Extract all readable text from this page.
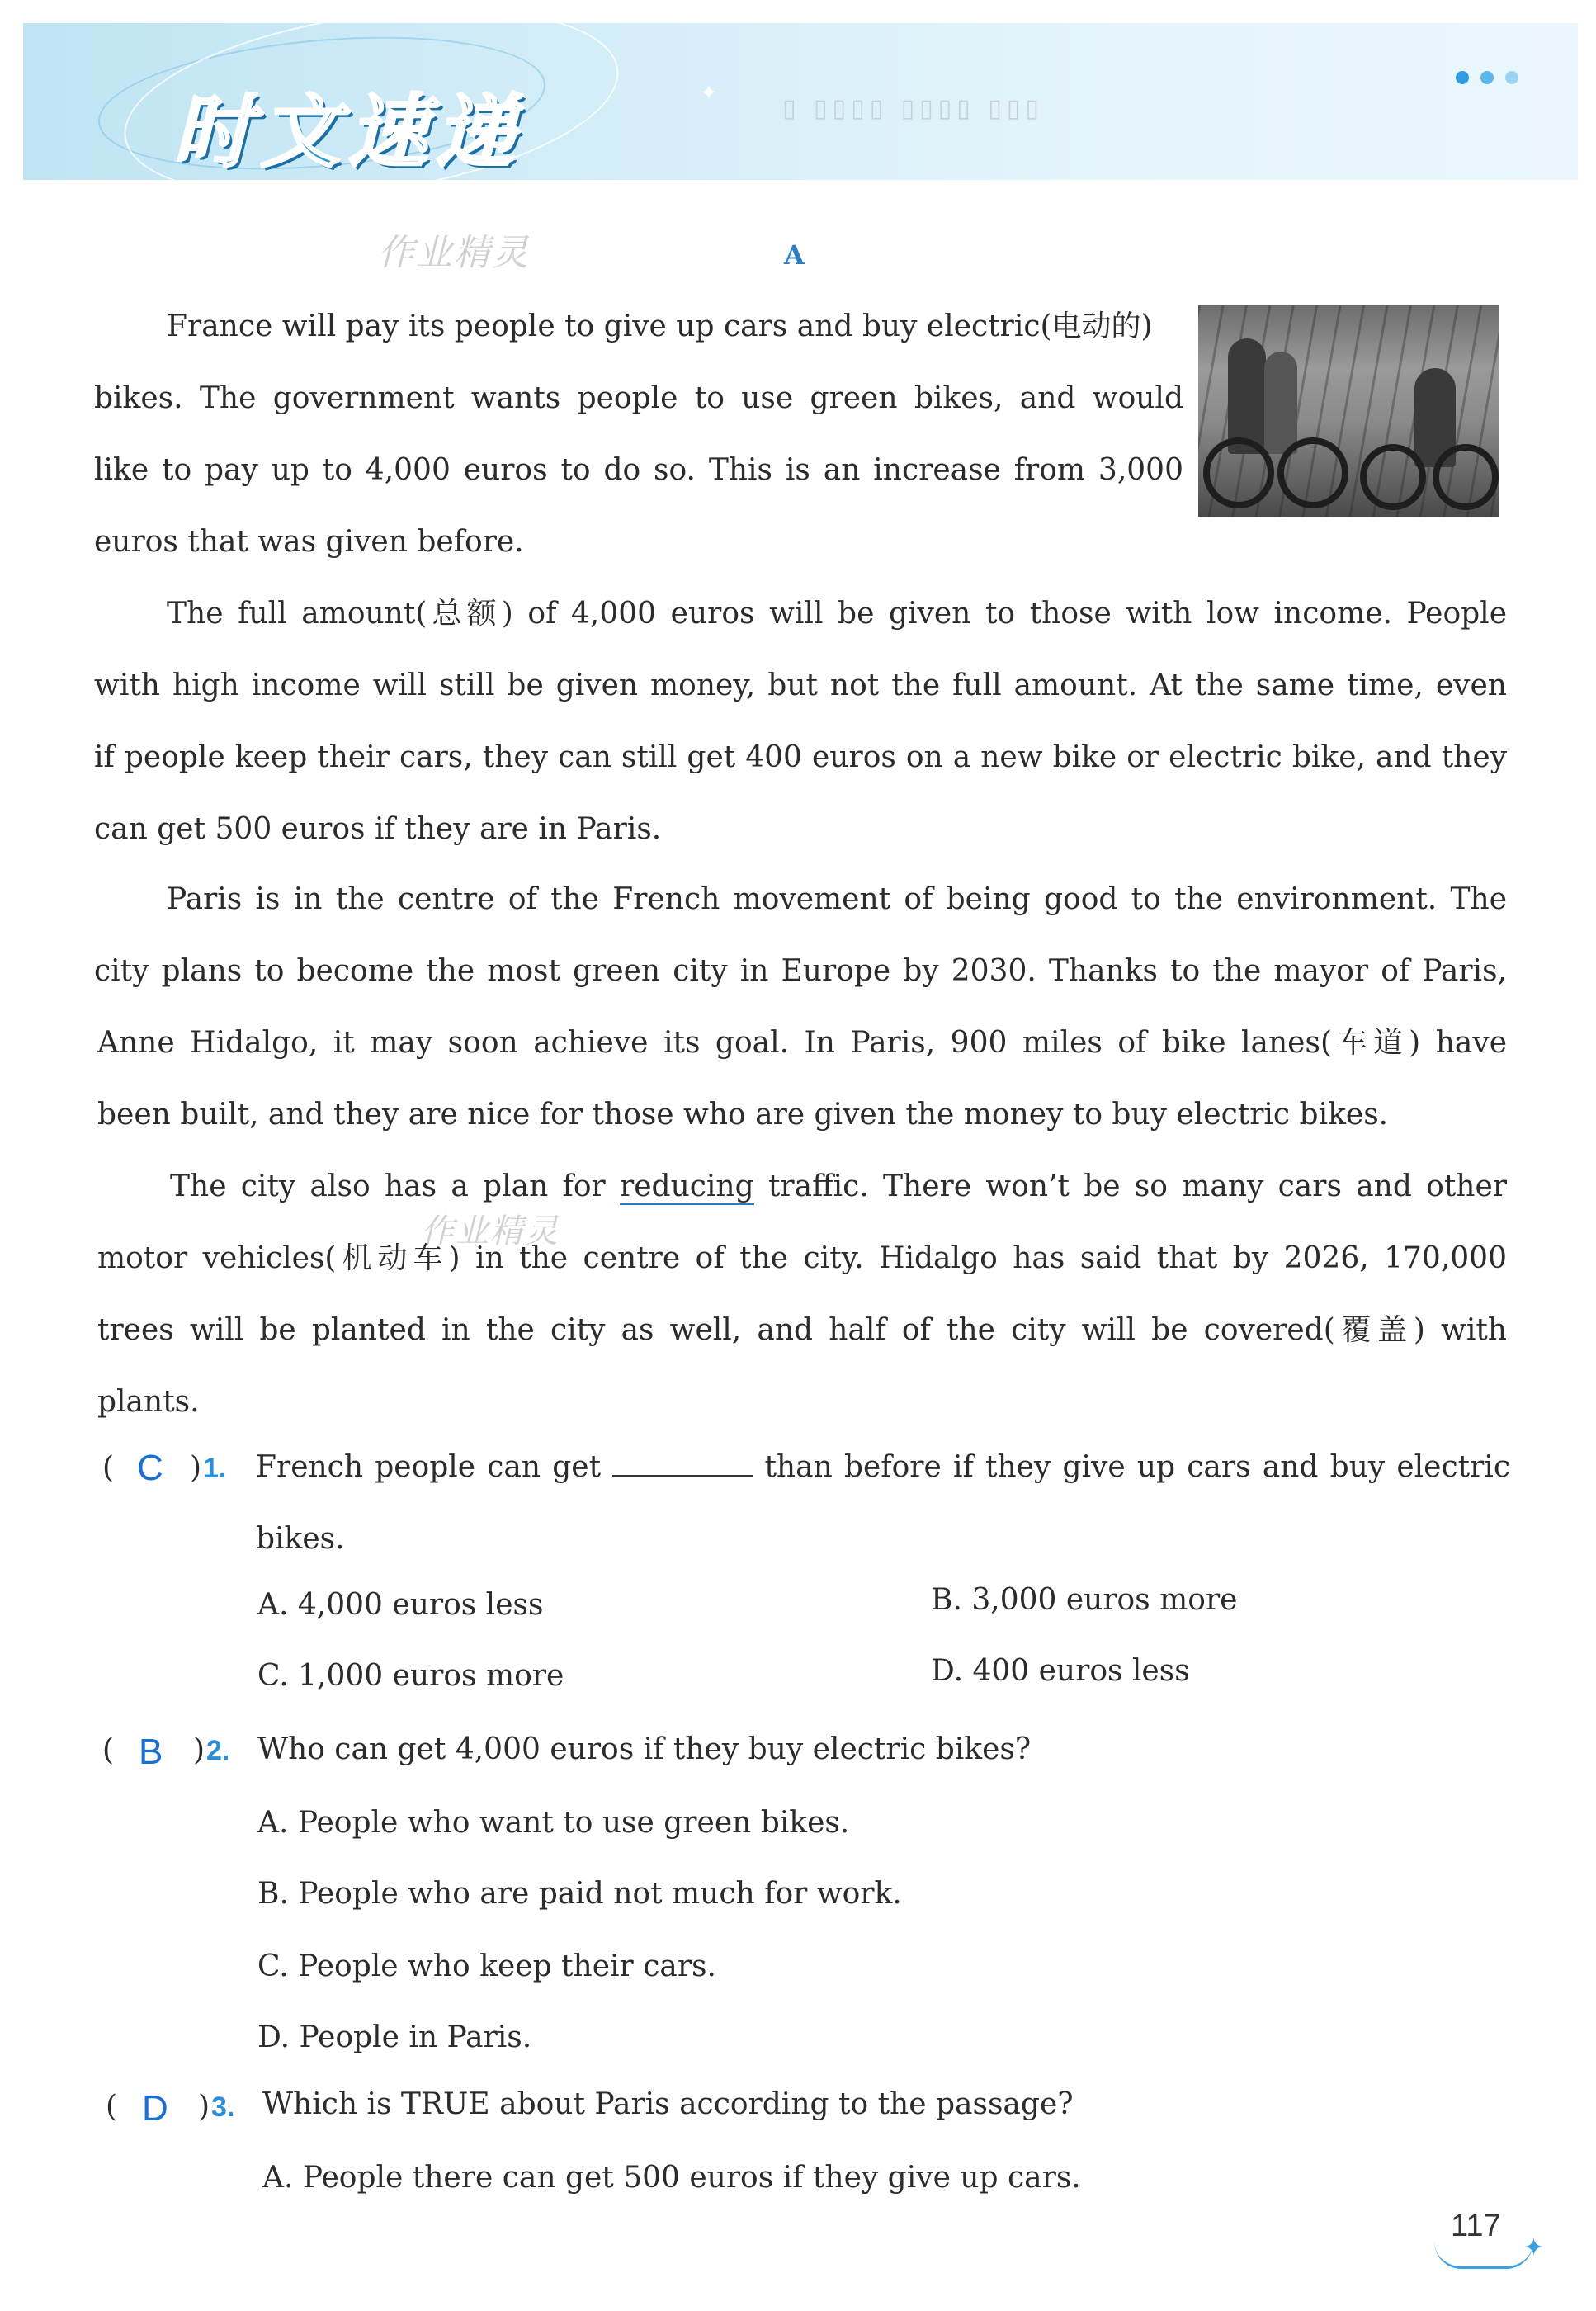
时文速递	✦
▯ ▯▯▯▯ ▯▯▯▯ ▯▯▯
作业精灵
作业精灵
A
France will pay its people to give up cars and buy electric(电动的)
bikes. The government wants people to use green bikes, and would
like to pay up to 4,000 euros to do so. This is an increase from 3,000
euros that was given before.
The full amount(总额) of 4,000 euros will be given to those with low income. People
with high income will still be given money, but not the full amount. At the same time, even
if people keep their cars, they can still get 400 euros on a new bike or electric bike, and they
can get 500 euros if they are in Paris.
Paris is in the centre of the French movement of being good to the environment. The
city plans to become the most green city in Europe by 2030. Thanks to the mayor of Paris,
Anne Hidalgo, it may soon achieve its goal. In Paris, 900 miles of bike lanes(车道) have
been built, and they are nice for those who are given the money to buy electric bikes.
The city also has a plan for reducing traffic. There won’t be so many cars and other
motor vehicles(机动车) in the centre of the city. Hidalgo has said that by 2026, 170,000
trees will be planted in the city as well, and half of the city will be covered(覆盖) with
plants.
( C ) 1. French people can get	than before if they give up cars and buy electric
bikes.
A. 4,000 euros less	B. 3,000 euros more
C. 1,000 euros more	D. 400 euros less
( B ) 2. Who can get 4,000 euros if they buy electric bikes?
A. People who want to use green bikes.
B. People who are paid not much for work.
C. People who keep their cars.
D. People in Paris.
( D ) 3. Which is TRUE about Paris according to the passage?
A. People there can get 500 euros if they give up cars.
117
✦
